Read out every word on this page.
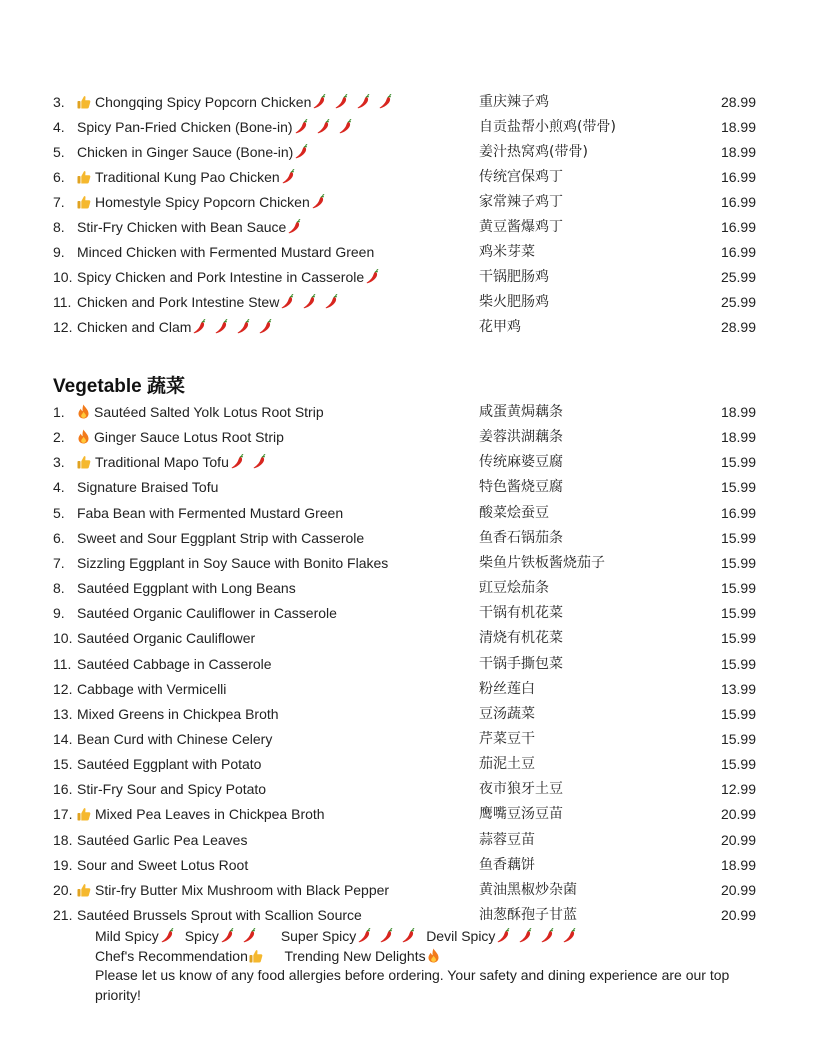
3.	Chongqing Spicy Popcorn Chicken	重庆辣子鸡	28.99
4. Spicy Pan-Fried Chicken (Bone-in)	自贡盐帮小煎鸡(带骨)	18.99
5. Chicken in Ginger Sauce (Bone-in)	姜汁热窝鸡(带骨)	18.99
6.	Traditional Kung Pao Chicken	传统宫保鸡丁	16.99
7.	Homestyle Spicy Popcorn Chicken	家常辣子鸡丁	16.99
8. Stir-Fry Chicken with Bean Sauce	黄豆酱爆鸡丁	16.99
9. Minced Chicken with Fermented Mustard Green	鸡米芽菜	16.99
10. Spicy Chicken and Pork Intestine in Casserole	干锅肥肠鸡	25.99
11. Chicken and Pork Intestine Stew	柴火肥肠鸡	25.99
12. Chicken and Clam	花甲鸡	28.99
Vegetable 蔬菜
1.	Sautéed Salted Yolk Lotus Root Strip	咸蛋黄焗藕条	18.99
2.	Ginger Sauce Lotus Root Strip	姜蓉洪湖藕条	18.99
3.	Traditional Mapo Tofu	传统麻婆豆腐	15.99
4. Signature Braised Tofu	特色酱烧豆腐	15.99
5. Faba Bean with Fermented Mustard Green	酸菜烩蚕豆	16.99
6. Sweet and Sour Eggplant Strip with Casserole	鱼香石锅茄条	15.99
7. Sizzling Eggplant in Soy Sauce with Bonito Flakes	柴鱼片铁板酱烧茄子	15.99
8. Sautéed Eggplant with Long Beans	豇豆烩茄条	15.99
9. Sautéed Organic Cauliflower in Casserole	干锅有机花菜	15.99
10. Sautéed Organic Cauliflower	清烧有机花菜	15.99
11. Sautéed Cabbage in Casserole	干锅手撕包菜	15.99
12. Cabbage with Vermicelli	粉丝莲白	13.99
13. Mixed Greens in Chickpea Broth	豆汤蔬菜	15.99
14. Bean Curd with Chinese Celery	芹菜豆干	15.99
15. Sautéed Eggplant with Potato	茄泥土豆	15.99
16. Stir-Fry Sour and Spicy Potato	夜市狼牙土豆	12.99
17.	Mixed Pea Leaves in Chickpea Broth	鹰嘴豆汤豆苗	20.99
18. Sautéed Garlic Pea Leaves	蒜蓉豆苗	20.99
19. Sour and Sweet Lotus Root	鱼香藕饼	18.99
20.	Stir-fry Butter Mix Mushroom with Black Pepper	黄油黑椒炒杂菌	20.99
21. Sautéed Brussels Sprout with Scallion Source	油葱酥孢子甘蓝	20.99
Mild Spicy Spicy	Super Spicy	Devil Spicy
Chef's Recommendation	Trending New Delights
Please let us know of any food allergies before ordering. Your safety and dining experience are our top priority!
